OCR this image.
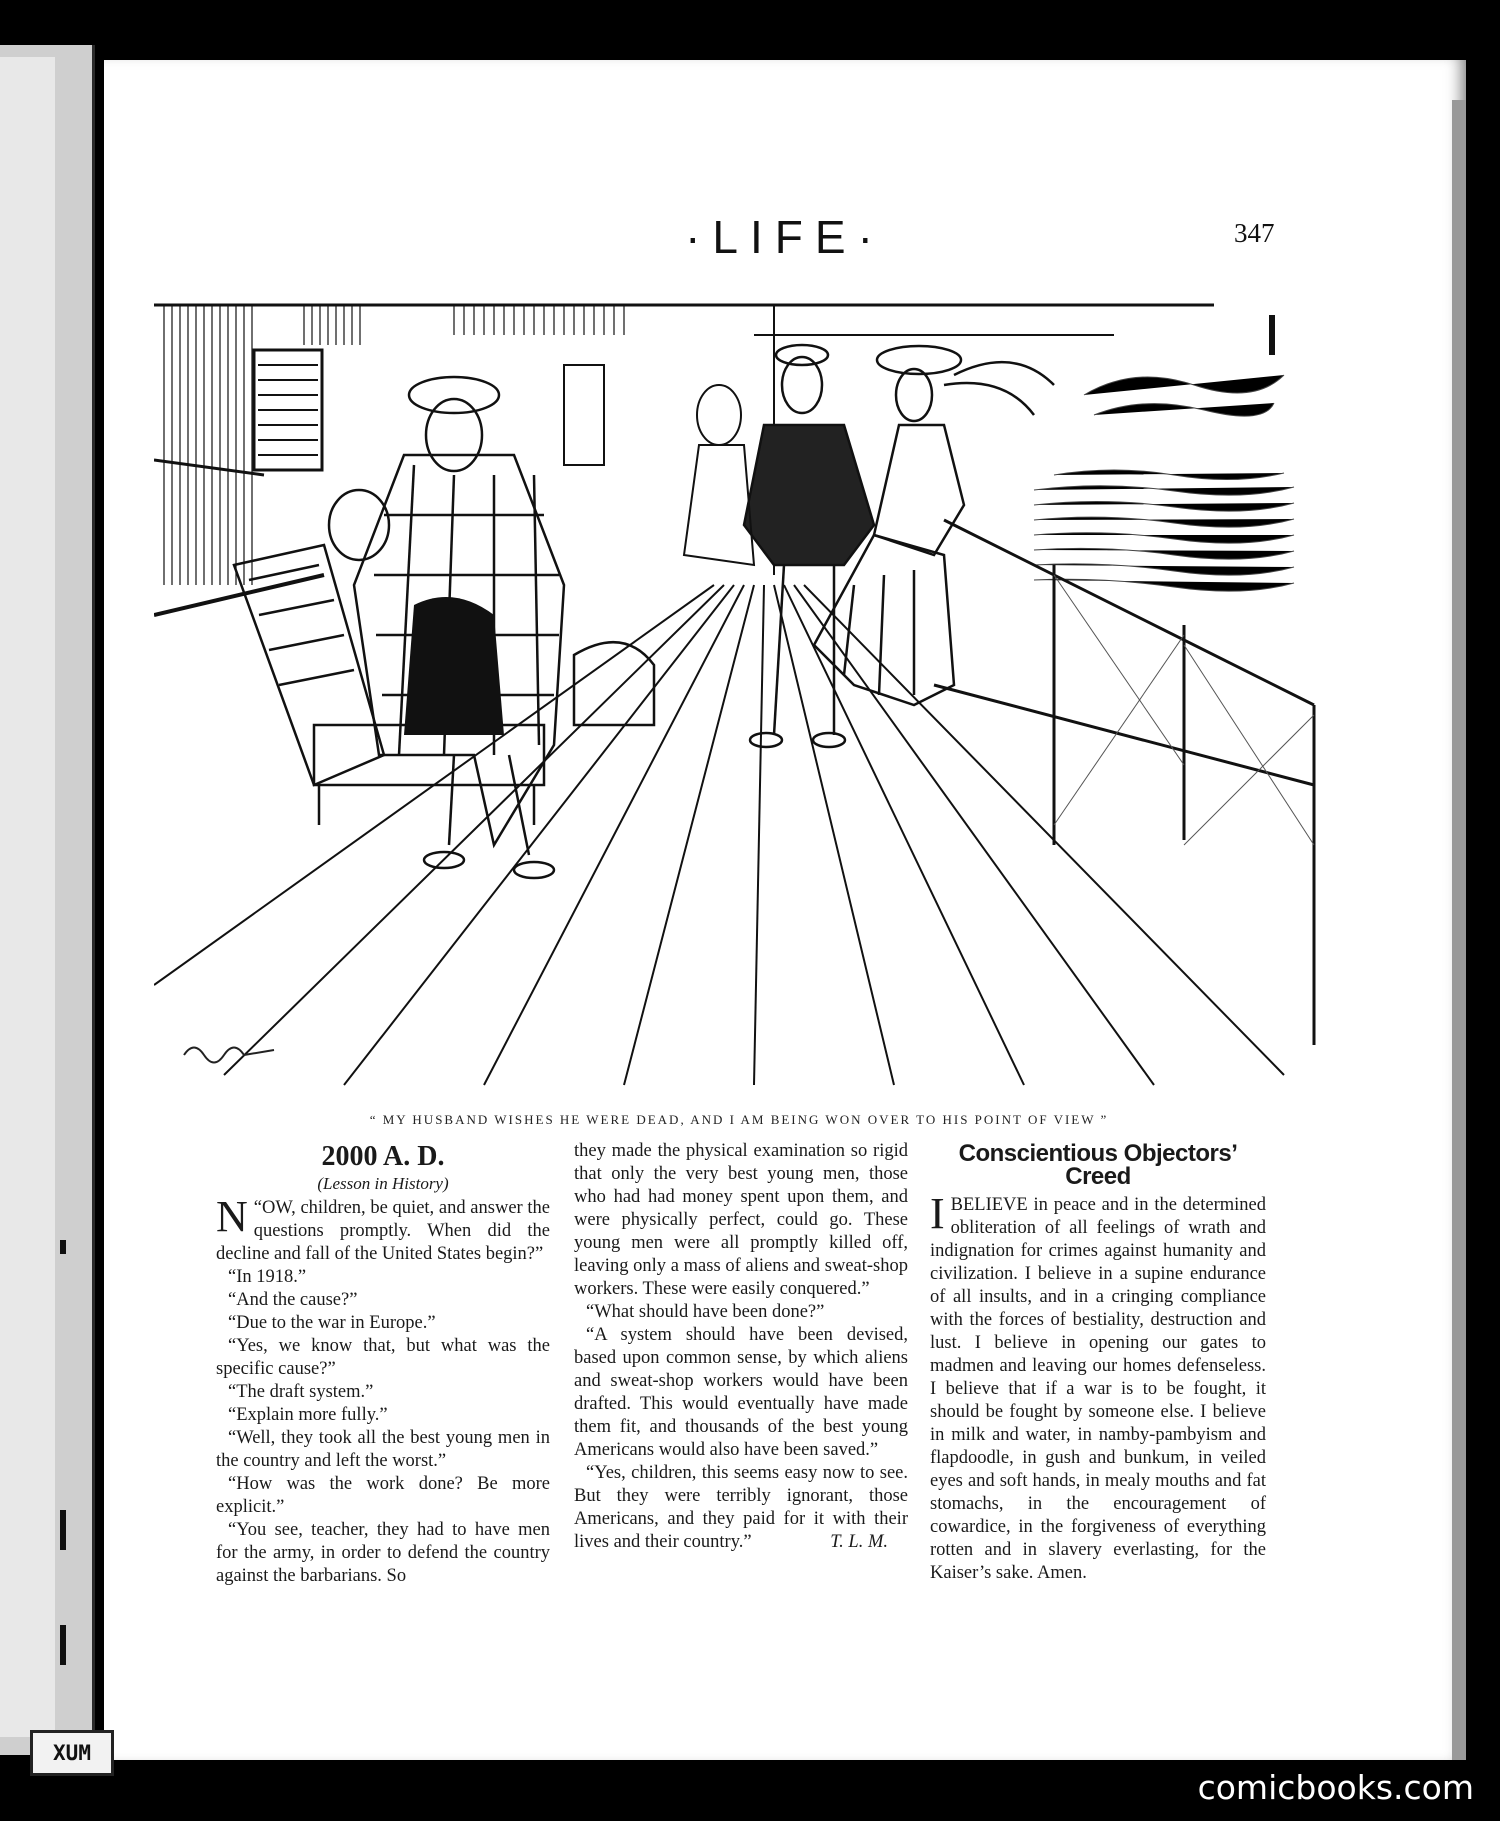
·LIFE·	347
“ MY HUSBAND WISHES HE WERE DEAD, AND I AM BEING WON OVER TO HIS POINT OF VIEW ”
2000 A. D.
(Lesson in History)

N “OW, children, be quiet, and answer the questions promptly. When did the decline and fall of the United States begin?”

“In 1918.”

“And the cause?”

“Due to the war in Europe.”

“Yes, we know that, but what was the specific cause?”

“The draft system.”

“Explain more fully.”

“Well, they took all the best young men in the country and left the worst.”

“How was the work done? Be more explicit.”

“You see, teacher, they had to have men for the army, in order to defend the country against the barbarians. So

they made the physical examination so rigid that only the very best young men, those who had had money spent upon them, and were physically perfect, could go. These young men were all promptly killed off, leaving only a mass of aliens and sweat-shop workers. These were easily conquered.”

“What should have been done?”

“A system should have been devised, based upon common sense, by which aliens and sweat-shop workers would have been drafted. This would eventually have made them fit, and thousands of the best young Americans would also have been saved.”

“Yes, children, this seems easy now to see. But they were terribly ignorant, those Americans, and they paid for it with their lives and their country.”	T. L. M.

Conscientious Objectors’ Creed

IBELIEVE in peace and in the determined obliteration of all feelings of wrath and indignation for crimes against humanity and civilization. I believe in a supine endurance of all insults, and in a cringing compliance with the forces of bestiality, destruction and lust. I believe in opening our gates to madmen and leaving our homes defenseless. I believe that if a war is to be fought, it should be fought by someone else. I believe in milk and water, in namby-pambyism and flapdoodle, in gush and bunkum, in veiled eyes and soft hands, in mealy mouths and fat stomachs, in the encouragement of cowardice, in the forgiveness of everything rotten and in slavery everlasting, for the Kaiser’s sake. Amen.

XUM
comicbooks.com
